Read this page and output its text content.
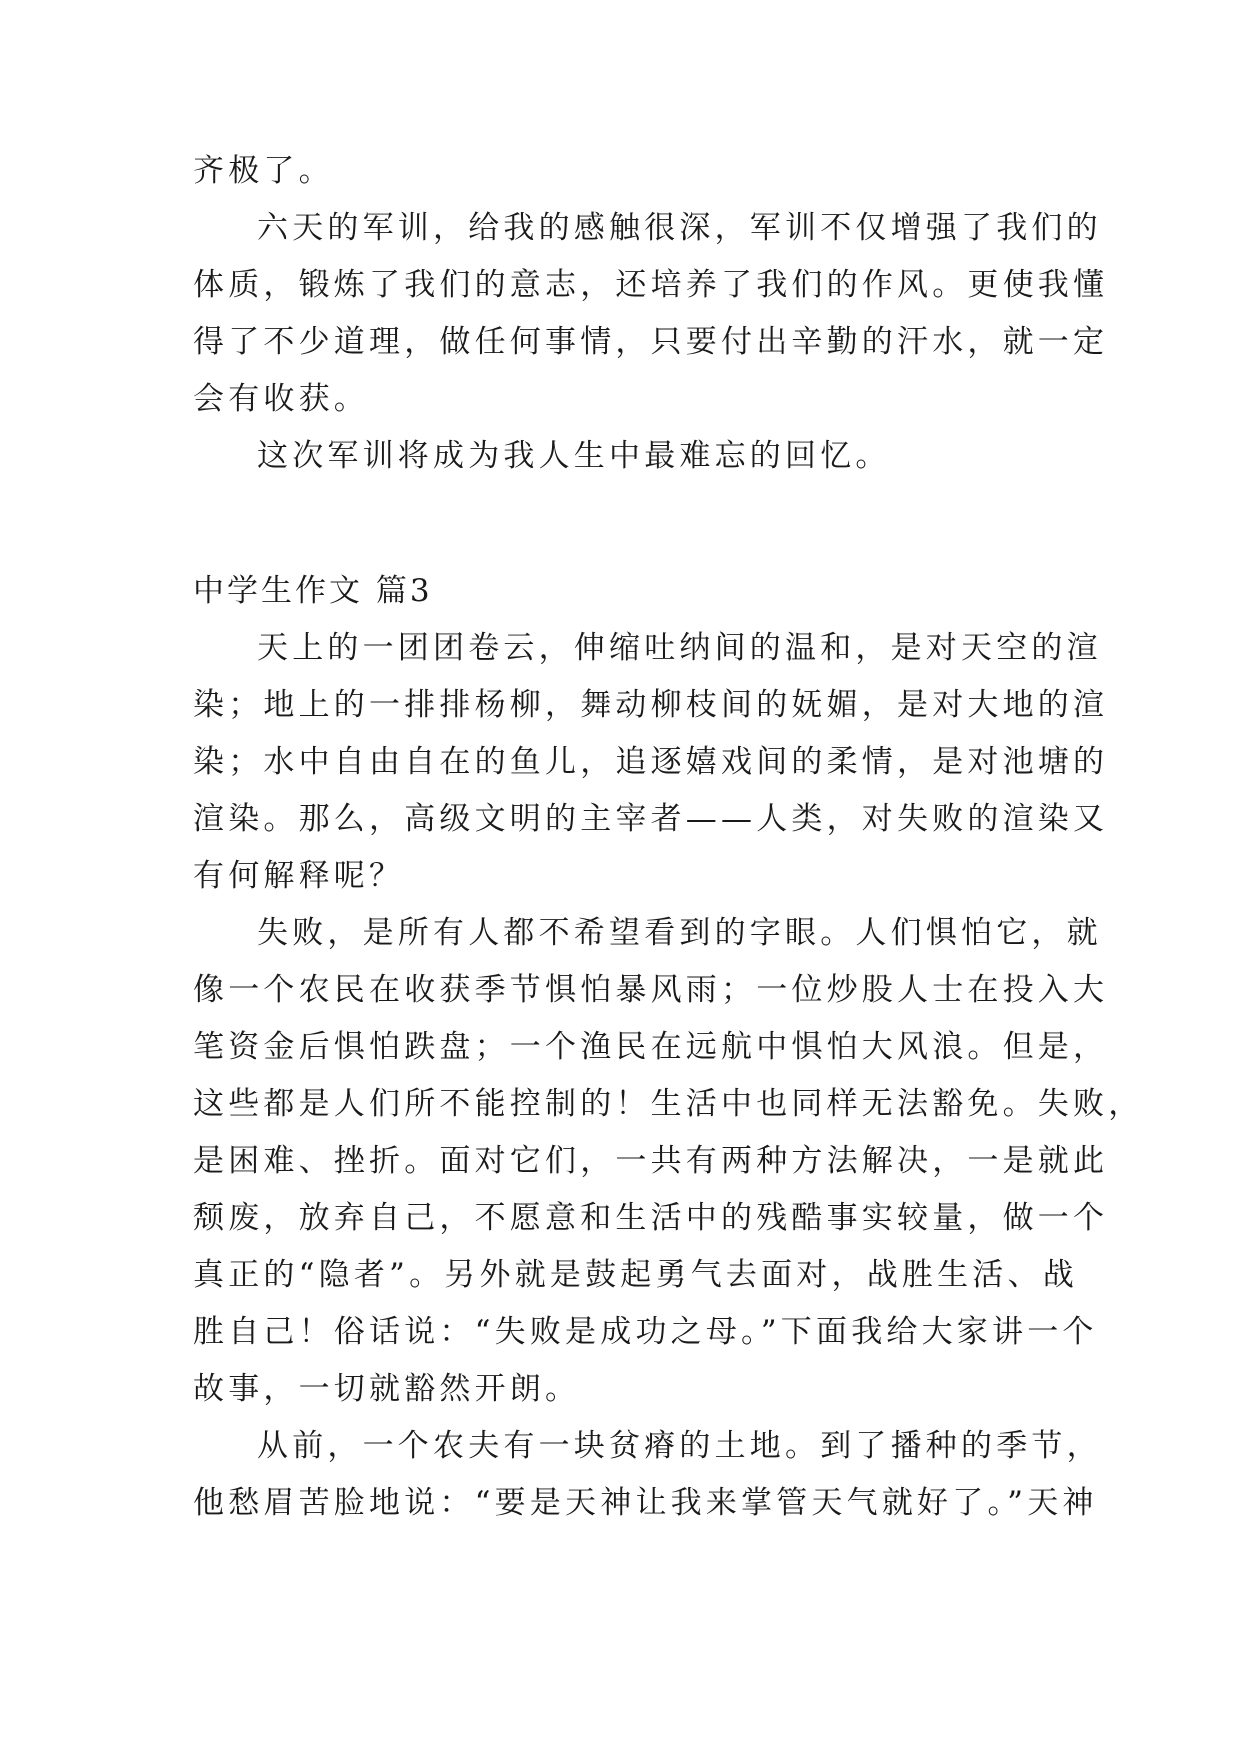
齐极了。
六天的军训，给我的感触很深，军训不仅增强了我们的
体质，锻炼了我们的意志，还培养了我们的作风。更使我懂
得了不少道理，做任何事情，只要付出辛勤的汗水，就一定
会有收获。
这次军训将成为我人生中最难忘的回忆。
中学生作文 篇3
天上的一团团卷云，伸缩吐纳间的温和，是对天空的渲
染；地上的一排排杨柳，舞动柳枝间的妩媚，是对大地的渲
染；水中自由自在的鱼儿，追逐嬉戏间的柔情，是对池塘的
渲染。那么，高级文明的主宰者——人类，对失败的渲染又
有何解释呢？
失败，是所有人都不希望看到的字眼。人们惧怕它，就
像一个农民在收获季节惧怕暴风雨；一位炒股人士在投入大
笔资金后惧怕跌盘；一个渔民在远航中惧怕大风浪。但是，
这些都是人们所不能控制的！生活中也同样无法豁免。失败，
是困难、挫折。面对它们，一共有两种方法解决，一是就此
颓废，放弃自己，不愿意和生活中的残酷事实较量，做一个
真正的“隐者”。另外就是鼓起勇气去面对，战胜生活、战
胜自己！俗话说：“失败是成功之母。”下面我给大家讲一个
故事，一切就豁然开朗。
从前，一个农夫有一块贫瘠的土地。到了播种的季节，
他愁眉苦脸地说：“要是天神让我来掌管天气就好了。”天神
